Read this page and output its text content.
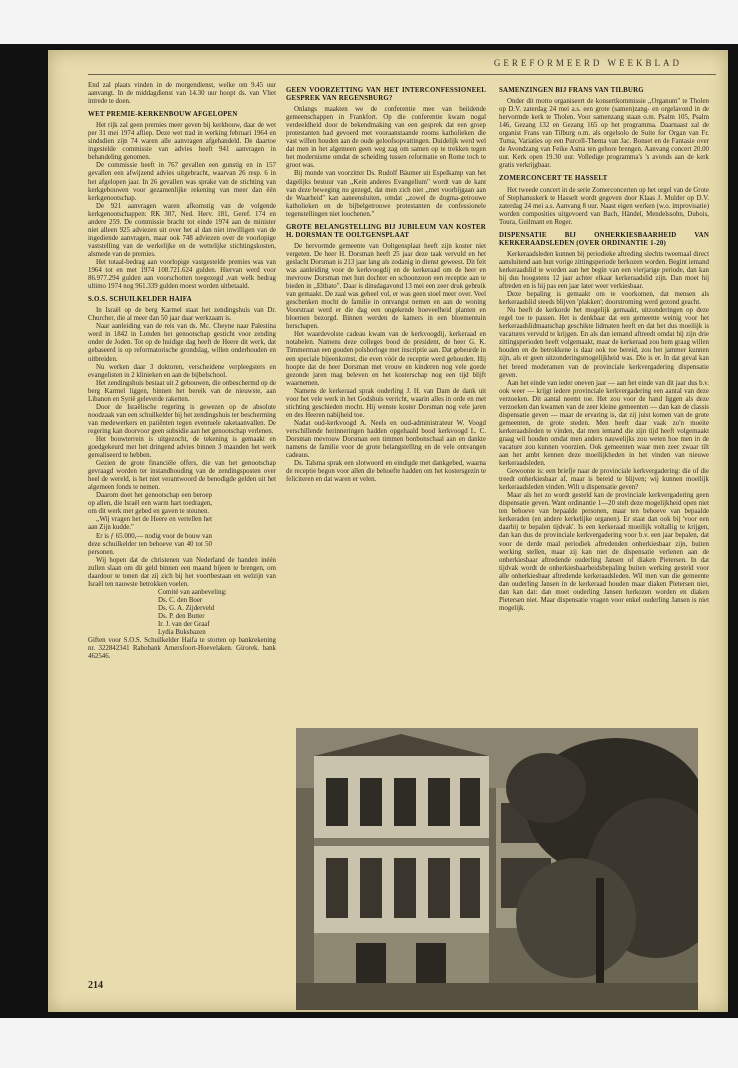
GEREFORMEERD WEEKBLAD

End zal plaats vinden in de morgendienst, welke om 9.45 uur aanvangt. In de middagdienst van 14.30 uur hoopt ds. van Vliet intrede te doen.

WET PREMIE-KERKENBOUW AFGELOPEN

Het rijk zal geen premies meer geven bij kerkbouw, daar de wet per 31 mei 1974 afliep. Deze wet trad in werking februari 1964 en sindsdien zijn 74 waren alle aanvragen afgehandeld. De daartoe ingestelde commissie van advies heeft 941 aanvragen in behandeling genomen.

De commissie heeft in 767 gevallen een gunstig en in 157 gevallen een afwijzend advies uitgebracht, waarvan 26 resp. 6 in het afgelopen jaar. In 26 gevallen was sprake van de stichting van kerkgebouwen voor gezamenlijke rekening van meer dan één kerkgenootschap.

De 921 aanvragen waren afkomstig van de volgende kerkgenootschappen: RK 307, Ned. Herv. 181, Geref. 174 en andere 259. De commissie bracht tot einde 1974 aan de minister niet alleen 925 adviezen uit over het al dan niet inwilligen van de ingediende aanvragen, maar ook 748 adviezen over de voorlopige vaststelling van de werkelijke en de wettelijke stichtingskosten, alsmede van de premies.

Het totaal-bedrag aan voorlopige vastgestelde premies was van 1964 tot en met 1974 108.721.624 gulden. Hiervan werd voor 86.977.294 gulden aan voorschotten toegezegd ,van welk bedrag ultimo 1974 nog 961.339 gulden moest worden uitbetaald.

S.O.S. SCHUILKELDER HAIFA

In Israël op de berg Karmel staat het zendingshuis van Dr. Churcher, die al meer dan 50 jaar daar werkzaam is.

Naar aanleiding van de reis van ds. Mc. Cheyne naar Palestina werd in 1842 in Londen het genootschap gesticht voor zending onder de Joden. Tot op de huidige dag heeft de Heere dit werk, dat gebaseerd is op reformatorische grondslag, willen onderhouden en uitbreiden.

Nu werken daar 3 doktoren, verscheidene verpleegsters en evangelisten in 2 klinieken en aan de bijbelschool.

Het zendingshuis bestaat uit 2 gebouwen, die onbeschermd op de berg Karmel liggen, binnen het bereik van de nieuwste, aan Libanon en Syrië geleverde raketten.

Door de Israëlische regering is gewezen op de absolute noodzaak van een schuilkelder bij het zendingshuis ter bescherming van medewerkers en patiënten tegen eventuele raketaanvallen. De regering kan doorvoor geen subsidie aan het genootschap verlenen.

Het bouwterrein is uitgezocht, de tekening is gemaakt en goedgekeurd met het dringend advies binnen 3 maanden het werk gerealiseerd te hebben.

Gezien de grote financiële offers, die van het genootschap gevraagd worden ter instandhouding van de zendingsposten over heel de wereld, is het niet verantwoord de benodigde gelden uit het algemeen fonds te nemen.

Daarom doet het genootschap een beroep op allen, die Israël een warm hart toedragen, om dit werk met gebed en gaven te steunen.

,,Wij vragen het de Heere en vertellen het aan Zijn kudde."

Er is ƒ 65.000,— nodig voor de bouw van deze schuilkelder ten behoeve van 40 tot 50 personen.

Wij hopen dat de christenen van Nederland de handen inéén zullen slaan om dit geld binnen een maand bijeen te brengen, om daardoor te tonen dat zij zich bij het voortbestaan en welzijn van Israël ten nauwste betrokken voelen.

Comité van aanbeveling:

Ds. C. den Boer

Ds. G. A. Zijderveld

Ds. P. den Butter

Ir. J. van der Graaf

Lydia Buksbazen

Giften voor S.O.S. Schuilkelder Haifa te storten op bankrekening nr. 322842341 Rabobank Amersfoort-Hoevelaken. Girorek. bank 462546.

GEEN VOORZETTING VAN HET INTERCONFESSIONEEL GESPREK VAN REGENSBURG?

Onlangs maakten we de conferentie mee van beiidende gemeenschappen in Frankfort. Op die conferentie kwam nogal verdeeldheid door de bekendmaking van een gesprek dat een groep protestanten had gevoerd met vooraanstaande rooms katholieken die vast willen houden aan de oude geloofsopvattingen. Duidelijk werd wel dat men in het algemeen geen weg zag om samen op te trekken tegen het modernisme omdat de scheiding tussen reformatie en Rome toch te groot was.

Bij monde van voorzitter Ds. Rudolf Bäumer uit Espelkamp van het dagelijks bestuur van ,,Kein anderes Evangelium" wordt van de kant van deze beweging nu gezegd, dat men zich niet ,,met voorbijgaan aan de Waarheid" kan aaneensluiten, omdat ,,zowel de dogma-getrouwe katholieken en de bijbelgetrouwe protestanten de confessionele tegenstellingen niet loochenen."

GROTE BELANGSTELLING BIJ JUBILEUM VAN KOSTER H. DORSMAN TE OOLTGENSPLAAT

De hervormde gemeente van Ooltgensplaat heeft zijn koster niet vergeten. De heer H. Dorsman heeft 25 jaar deze taak vervuld en het geslacht Dorsman is 213 jaar lang als zodanig in dienst geweest. Dit feit was aanleiding voor de kerkvoogdij en de kerkeraad om de heer en mevrouw Dorsman met hun dochter en schoonzoon een receptie aan te bieden in ,,Eltbato". Daar is dinsdagavond 13 mei een zeer druk gebruik van gemaakt. De zaal was geheel vol, er was geen stoel meer over. Veel geschenken mocht de familie in ontvangst nemen en aan de woning Voorstraat werd er die dag een ongekende hoeveelheid planten en bloemen bezorgd. Binnen werden de kamers in een bloementuin herschapen.

Het waardevolste cadeau kwam van de kerkvoogdij, kerkeraad en notabelen. Namens deze colleges bood de president, de heer G. K. Timmerman een gouden polshorloge met inscriptie aan. Dat gebeurde in een speciale bijeenkomst, die even vóór de receptie werd gehouden. Hij hoopte dat de heer Dorsman met vrouw en kinderen nog vele goede gezonde jaren mag beleven en het kosterschap nog een tijd blijft waarnemen.

Namens de kerkeraad sprak ouderling J. H. van Dam de dank uit voor het vele werk in het Godshuis verricht, waarin alles in orde en met stichting geschieden mocht. Hij wenste koster Dorsman nog vele jaren en des Heeren nabijheid toe.

Nadat oud-kerkvoogd A. Neels en oud-administrateur W. Voogd verschillende herinneringen hadden opgehaald bood kerkvoogd L. C. Dorsman mevrouw Dorsman een timmen bonbonschaal aan en dankte namens de familie voor de grote belangstelling en de vele ontvangen cadeaus.

Ds. Talsma sprak een slotwoord en eindigde met dankgebed, waarna de receptie begon voor allen die behoefte hadden om het kostersgezin te feliciteren en dat waren er velen.

SAMENZINGEN BIJ FRANS VAN TILBURG

Onder dit motto organiseert de konsertkommissie ,,Organum" te Tholen op D.V. zaterdag 24 mei a.s. een grote (samen)zang- en orgelavond in de hervormde kerk te Tholen. Voor samenzang staan o.m. Psalm 105, Psalm 146, Gezang 132 en Gezang 165 op het programma. Daarnaast zal de organist Frans van Tilburg o.m. als orgelsolo de Suite for Organ van Fr. Tuma, Variaties op een Purcell-Thema van Jac. Bonset en de Fantasie over de Avondzang van Feike Asma ten gehore brengen. Aanvang concert 20.00 uur. Kerk open 19.30 uur. Volledige programma's 's avonds aan de kerk gratis verkrijgbaar.

ZOMERCONCERT TE HASSELT

Het tweede concert in de serie Zomerconcerten op het orgel van de Grote of Stephanuskerk te Hasselt wordt gegeven door Klaas J. Mulder op D.V. zaterdag 24 mei a.s. Aanvang 8 uur. Naast eigen werken (w.o. improvisatie) worden composities uitgevoerd van Bach, Händel, Mendelssohn, Dubois, Toura, Guilmant en Reger.

DISPENSATIE BIJ ONHERKIESBAARHEID VAN KERKERAADSLEDEN (OVER ORDINANTIE 1-20)

Kerkeraadsleden kunnen bij periodieke aftreding slechts tweemaal direct aansluitend aan hun vorige zittingsperiode herkozen worden. Begint iemand kerkeraadslid te worden aan het begin van een vierjarige periode, dan kan hij dus hoogstens 12 jaar achter elkaar kerkeraadslid zijn. Dan moet hij aftreden en is hij pas een jaar later weer verkiesbaar.

Deze bepaling is gemaakt om te voorkomen, dat mensen als kerkeraadslid steeds blijven 'plakken'; doorstroming werd gezond geacht.

Nu heeft de kerkorde het mogelijk gemaakt, uitzonderingen op deze regel toe te passen. Het is denkbaar dat een gemeente weinig voor het kerkeraadslidmaatschap geschikte lidmaten heeft en dat het dus moeilijk is vacatures vervuld te krijgen. En als dan iemand aftreedt omdat hij zijn drie zittingsperioden heeft volgemaakt, maar de kerkeraad zou hem graag willen houden en de betrokkene is daar ook toe bereid, zou het jammer kunnen zijn, als er geen uitzonderingsmogelijkheid was. Die is er. In dat geval kan het breed moderamen van de provinciale kerkvergadering dispensatie geven.

Aan het einde van ieder oneven jaar — aan het einde van dit jaar dus b.v. ook weer — krijgt iedere provinciale kerkvergadering een aantal van deze verzoeken. Dit aantal neemt toe. Het zou voor de hand liggen als deze verzoeken dan kwamen van de zeer kleine gemeenten — dan kan de classis dispensatie geven — maar de ervaring is, dat zij juist komen van de grote gemeenten, de grote steden. Men heeft daar vaak zo'n moeite kerkeraadsleden te vinden, dat men iemand die zijn tijd heeft volgemaakt graag wil houden omdat men anders nauwelijks zou weten hoe men in de vacature zou kunnen voorzien. Ook gemeenten waar men zeer zwaar tilt aan het ambt kennen deze moeilijkheden in het vinden van nieuwe kerkeraadsleden.

Gewoonte is: een briefje naar de provinciale kerkvergadering: die of die treedt onherkiesbaar af, maar is bereid te blijven; wij kunnen moeilijk kerkeraadsleden vinden. Wilt u dispensatie geven?

Maar als het zo wordt gesteld kan de provinciale kerkvergadering geen dispensatie geven. Want ordinantie 1—20 stelt deze mogelijkheid open niet ten behoeve van bepaalde personen, maar ten behoeve van bepaalde kerkeraden (en andere kerkelijke organen). Er staat dan ook bij 'voor een daarbij te bepalen tijdvak'. Is een kerkeraad moeilijk voltallig te krijgen, dan kan dus de provinciale kerkvergadering voor b.v. een jaar bepalen, dat voor de derde maal periodiek aftredenden onherkiesbaar zijn, buiten werking stellen, maar zij kan niet de dispensatie verlenen aan de onherkiesbaar aftredende ouderling Jansen of diaken Pietersen. In dat tijdvak wordt de onherkiesbaarheidsbepaling buiten werking gesteld voor alle onherkiesbaar aftredende kerkeraadsleden. Wil men van die gemeente dan ouderling Jansen in de kerkeraad houden maar diaken Pietersen niet, dan kan dat: dan moet ouderling Jansen herkozen worden en diaken Pietersen niet. Maar dispensatie vragen voor enkel ouderling Jansen is niet mogelijk.

214
